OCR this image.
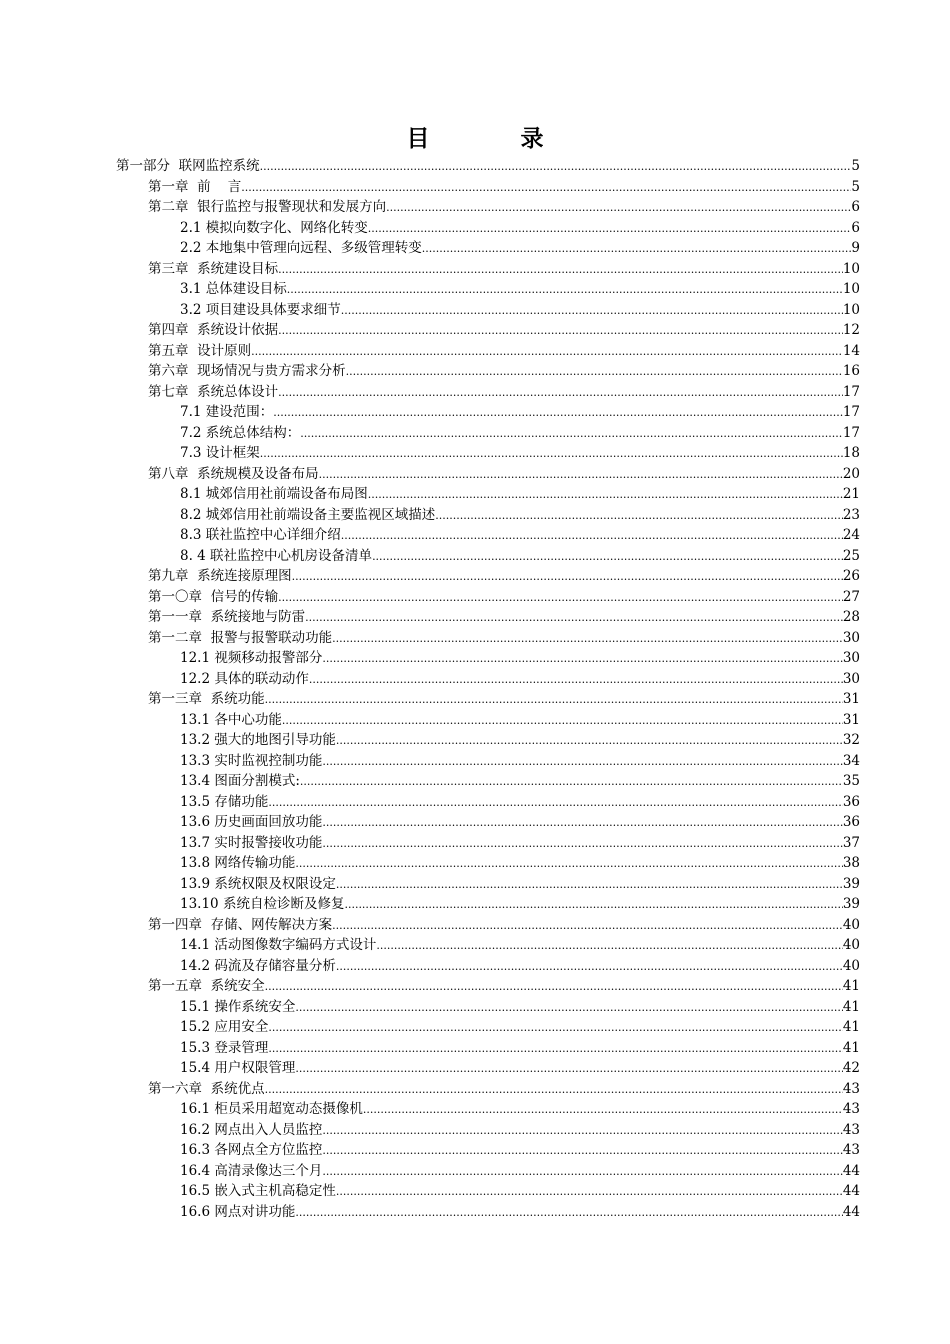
目　录
第一部分  联网监控系统 .....	5
第一章  前    言 .....	5
第二章  银行监控与报警现状和发展方向 .....	6
2.1 模拟向数字化、网络化转变 .....	6
2.2 本地集中管理向远程、多级管理转变 .....	9
第三章  系统建设目标 .....	10
3.1 总体建设目标 .....	10
3.2 项目建设具体要求细节 .....	10
第四章  系统设计依据 .....	12
第五章  设计原则 .....	14
第六章  现场情况与贵方需求分析 .....	16
第七章  系统总体设计 .....	17
7.1 建设范围： .....	17
7.2 系统总体结构： .....	17
7.3 设计框架 .....	18
第八章  系统规模及设备布局 .....	20
8.1 城郊信用社前端设备布局图 .....	21
8.2 城郊信用社前端设备主要监视区域描述 .....	23
8.3 联社监控中心详细介绍 .....	24
8. 4 联社监控中心机房设备清单 .....	25
第九章  系统连接原理图 .....	26
第一〇章  信号的传输 .....	27
第一一章  系统接地与防雷 .....	28
第一二章  报警与报警联动功能 .....	30
12.1 视频移动报警部分 .....	30
12.2 具体的联动动作 .....	30
第一三章  系统功能 .....	31
13.1 各中心功能 .....	31
13.2 强大的地图引导功能 .....	32
13.3 实时监视控制功能 .....	34
13.4 图面分割模式: .....	35
13.5 存储功能 .....	36
13.6 历史画面回放功能 .....	36
13.7 实时报警接收功能 .....	37
13.8 网络传输功能 .....	38
13.9 系统权限及权限设定 .....	39
13.10 系统自检诊断及修复 .....	39
第一四章  存储、网传解决方案 .....	40
14.1 活动图像数字编码方式设计 .....	40
14.2 码流及存储容量分析 .....	40
第一五章  系统安全 .....	41
15.1 操作系统安全 .....	41
15.2 应用安全 .....	41
15.3 登录管理 .....	41
15.4 用户权限管理 .....	42
第一六章  系统优点 .....	43
16.1 柜员采用超宽动态摄像机 .....	43
16.2 网点出入人员监控 .....	43
16.3 各网点全方位监控 .....	43
16.4 高清录像达三个月 .....	44
16.5 嵌入式主机高稳定性 .....	44
16.6 网点对讲功能 .....	44
